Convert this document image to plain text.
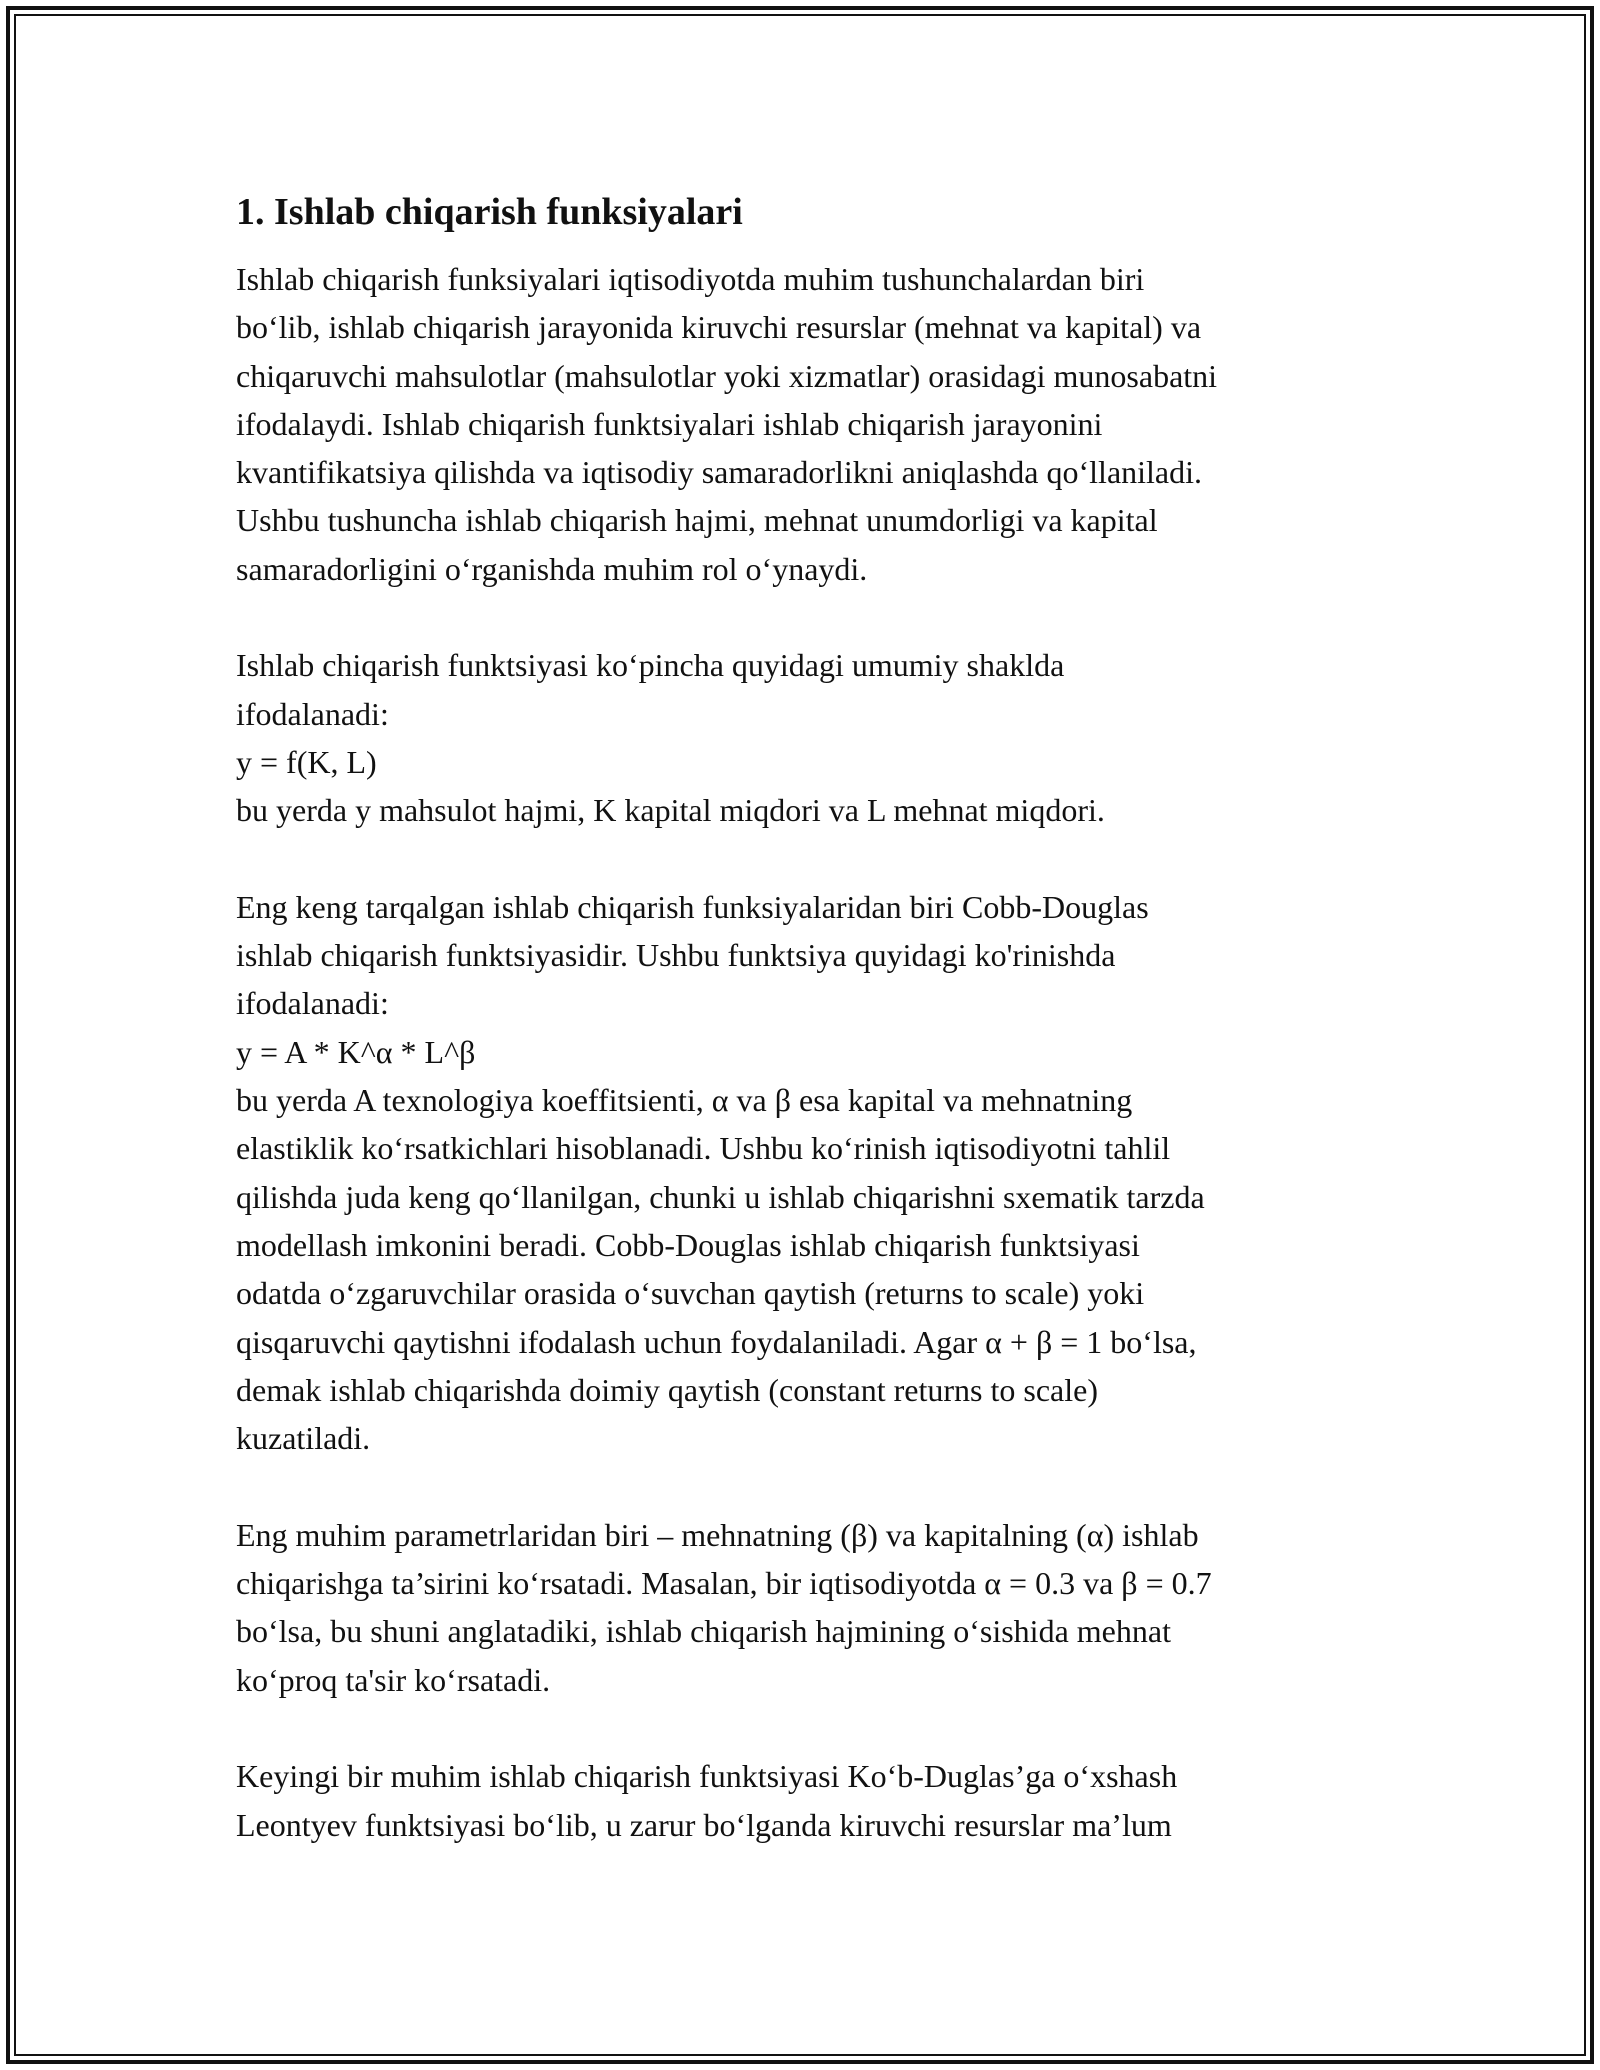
1. Ishlab chiqarish funksiyalari
Ishlab chiqarish funksiyalari iqtisodiyotda muhim tushunchalardan biri
bo‘lib, ishlab chiqarish jarayonida kiruvchi resurslar (mehnat va kapital) va
chiqaruvchi mahsulotlar (mahsulotlar yoki xizmatlar) orasidagi munosabatni
ifodalaydi. Ishlab chiqarish funktsiyalari ishlab chiqarish jarayonini
kvantifikatsiya qilishda va iqtisodiy samaradorlikni aniqlashda qo‘llaniladi.
Ushbu tushuncha ishlab chiqarish hajmi, mehnat unumdorligi va kapital
samaradorligini o‘rganishda muhim rol o‘ynaydi.
Ishlab chiqarish funktsiyasi ko‘pincha quyidagi umumiy shaklda
ifodalanadi:
y = f(K, L)
bu yerda y mahsulot hajmi, K kapital miqdori va L mehnat miqdori.
Eng keng tarqalgan ishlab chiqarish funksiyalaridan biri Cobb-Douglas
ishlab chiqarish funktsiyasidir. Ushbu funktsiya quyidagi ko'rinishda
ifodalanadi:
y = A * K^α * L^β
bu yerda A texnologiya koeffitsienti, α va β esa kapital va mehnatning
elastiklik ko‘rsatkichlari hisoblanadi. Ushbu ko‘rinish iqtisodiyotni tahlil
qilishda juda keng qo‘llanilgan, chunki u ishlab chiqarishni sxematik tarzda
modellash imkonini beradi. Cobb-Douglas ishlab chiqarish funktsiyasi
odatda o‘zgaruvchilar orasida o‘suvchan qaytish (returns to scale) yoki
qisqaruvchi qaytishni ifodalash uchun foydalaniladi. Agar α + β = 1 bo‘lsa,
demak ishlab chiqarishda doimiy qaytish (constant returns to scale)
kuzatiladi.
Eng muhim parametrlaridan biri – mehnatning (β) va kapitalning (α) ishlab
chiqarishga ta’sirini ko‘rsatadi. Masalan, bir iqtisodiyotda α = 0.3 va β = 0.7
bo‘lsa, bu shuni anglatadiki, ishlab chiqarish hajmining o‘sishida mehnat
ko‘proq ta'sir ko‘rsatadi.
Keyingi bir muhim ishlab chiqarish funktsiyasi Ko‘b-Duglas’ga o‘xshash
Leontyev funktsiyasi bo‘lib, u zarur bo‘lganda kiruvchi resurslar ma’lum
